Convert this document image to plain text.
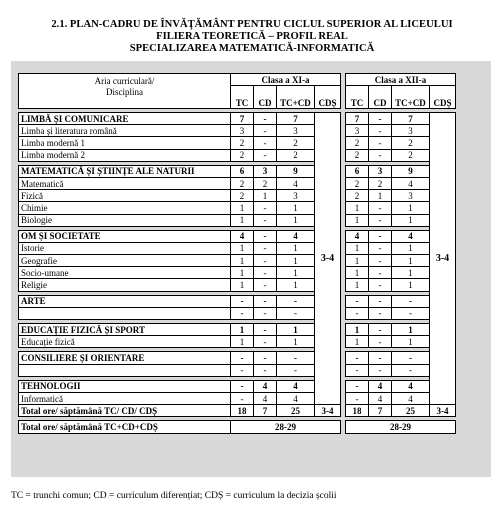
2.1. PLAN-CADRU DE ÎNVĂŢĂMÂNT PENTRU CICLUL SUPERIOR AL LICEULUI
FILIERA TEORETICĂ – PROFIL REAL
SPECIALIZAREA MATEMATICĂ-INFORMATICĂ
Aria curriculară/
Disciplina	Clasa a XI-a					Clasa a XII-a			
	TC	CD	TC+CD	CDȘ		TC	CD	TC+CD	CDȘ

LIMBĂ ȘI COMUNICARE	7	-	7	3-4		7	-	7	3-4
Limba și literatura română	3	-	3			3	-	3	
Limba modernă 1	2	-	2			2	-	2	
Limba modernă 2	2	-	2			2	-	2	

MATEMATICĂ ȘI ȘTIINȚE ALE NATURII	6	3	9			6	3	9	
Matematică	2	2	4			2	2	4	
Fizică	2	1	3			2	1	3	
Chimie	1	-	1			1	-	1	
Biologie	1	-	1			1	-	1	

OM ȘI SOCIETATE	4	-	4			4	-	4	
Istorie	1	-	1			1	-	1	
Geografie	1	-	1			1	-	1	
Socio-umane	1	-	1			1	-	1	
Religie	1	-	1			1	-	1	

ARTE	-	-	-			-	-	-	
	-	-	-			-	-	-	

EDUCAȚIE FIZICĂ ȘI SPORT	1	-	1			1	-	1	
Educație fizică	1	-	1			1	-	1	

CONSILIERE ȘI ORIENTARE	-	-	-			-	-	-	
	-	-	-			-	-	-	

TEHNOLOGII	-	4	4			-	4	4	
Informatică	-	4	4			-	4	4	
Total ore/ săptămână TC/ CD/ CDȘ	18	7	25	3-4		18	7	25	3-4

Total ore/ săptămână TC+CD+CDȘ	28-29					28-29			
TC = trunchi comun; CD = curriculum diferențiat; CDȘ = curriculum la decizia școlii
